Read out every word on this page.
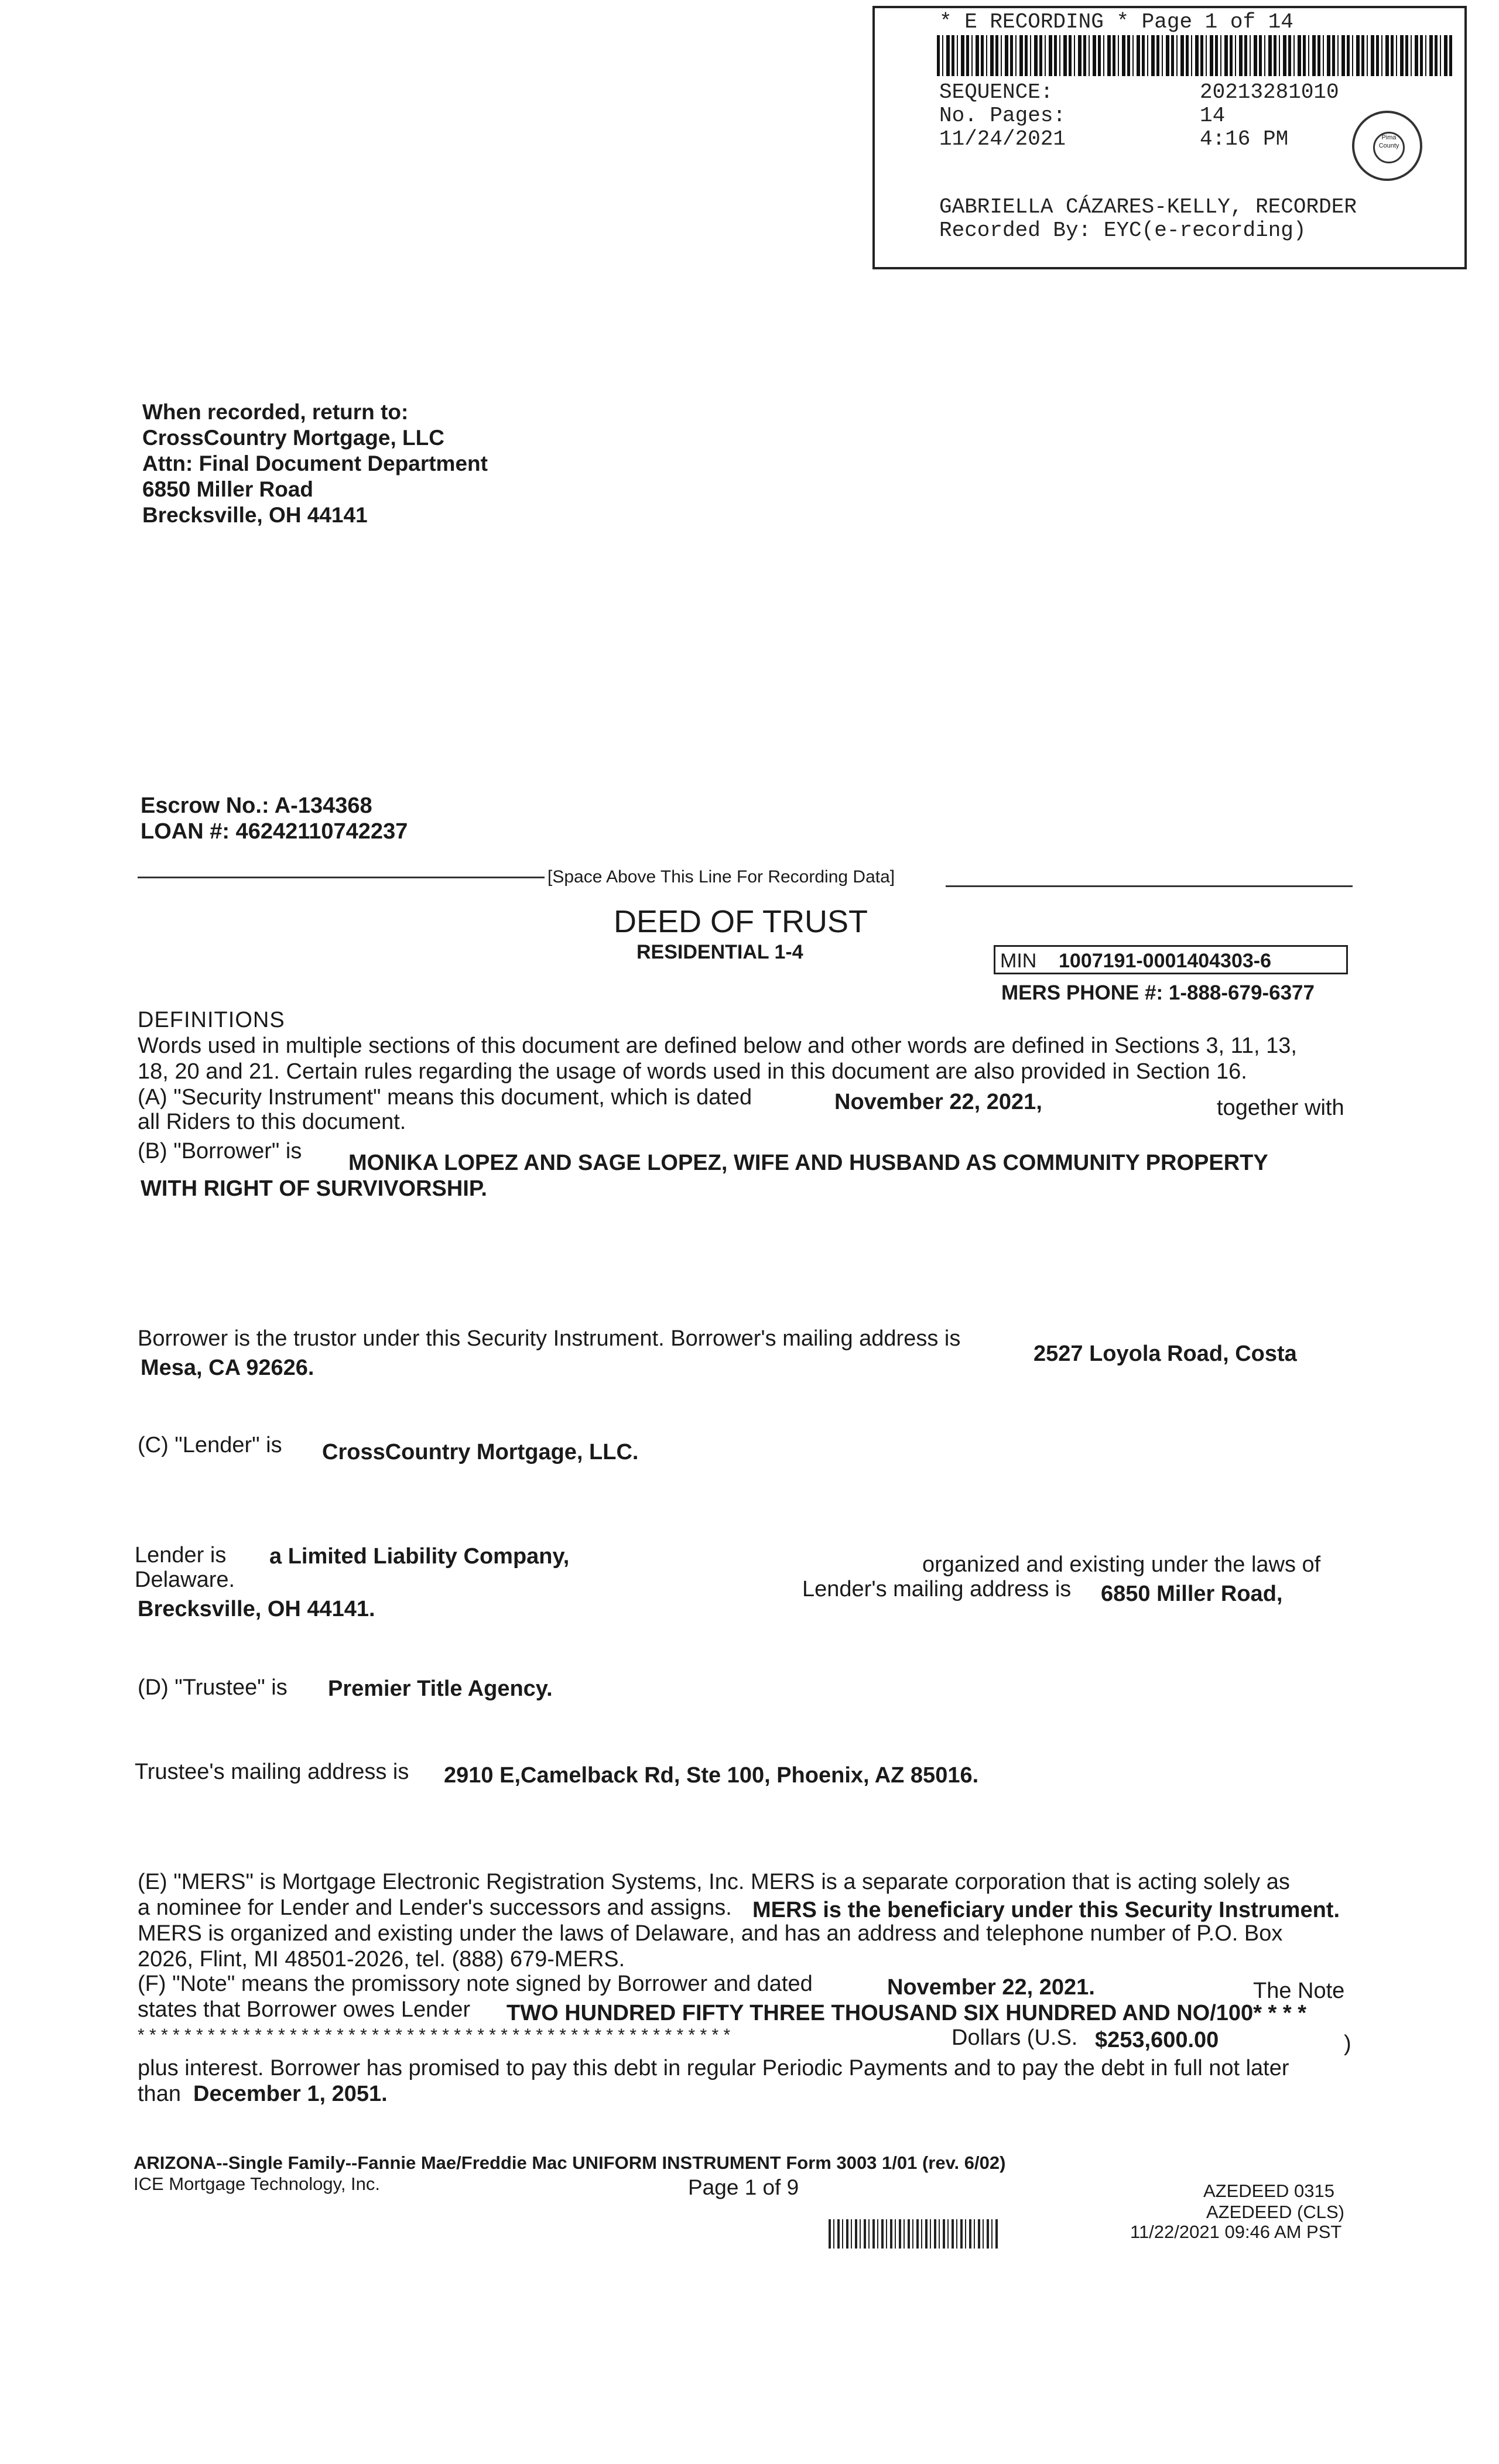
* E RECORDING * Page 1 of 14
SEQUENCE:	20213281010
No. Pages:	14
11/24/2021	4:16 PM	Pima County
GABRIELLA CÁZARES-KELLY, RECORDER
Recorded By: EYC(e-recording)
When recorded, return to:
CrossCountry Mortgage, LLC
Attn: Final Document Department
6850 Miller Road
Brecksville, OH 44141
Escrow No.: A-134368
LOAN #: 46242110742237
[Space Above This Line For Recording Data]
DEED OF TRUST
RESIDENTIAL 1-4	MIN 1007191-0001404303-6
MERS PHONE #: 1-888-679-6377
DEFINITIONS
Words used in multiple sections of this document are defined below and other words are defined in Sections 3, 11, 13,
18, 20 and 21. Certain rules regarding the usage of words used in this document are also provided in Section 16.
(A) "Security Instrument" means this document, which is dated	November 22, 2021,	together with
all Riders to this document.
(B) "Borrower" is MONIKA LOPEZ AND SAGE LOPEZ, WIFE AND HUSBAND AS COMMUNITY PROPERTY
WITH RIGHT OF SURVIVORSHIP.
Borrower is the trustor under this Security Instrument. Borrower's mailing address is
2527 Loyola Road, Costa
Mesa, CA 92626.
(C) "Lender" is CrossCountry Mortgage, LLC.
Lender is a Limited Liability Company,	organized and existing under the laws of
Delaware.	Lender's mailing address is 6850 Miller Road,
Brecksville, OH 44141.
(D) "Trustee" is Premier Title Agency.
Trustee's mailing address is 2910 E,Camelback Rd, Ste 100, Phoenix, AZ 85016.
(E) "MERS" is Mortgage Electronic Registration Systems, Inc. MERS is a separate corporation that is acting solely as
a nominee for Lender and Lender's successors and assigns. MERS is the beneficiary under this Security Instrument.
MERS is organized and existing under the laws of Delaware, and has an address and telephone number of P.O. Box
2026, Flint, MI 48501-2026, tel. (888) 679-MERS.
(F) "Note" means the promissory note signed by Borrower and dated	November 22, 2021.	The Note
states that Borrower owes Lender TWO HUNDRED FIFTY THREE THOUSAND SIX HUNDRED AND NO/100* * * *
* * * * * * * * * * * * * * * * * * * * * * * * * * * * * * * * * * * * * * * * * * * * * * * * * * *	Dollars (U.S. $253,600.00	)
plus interest. Borrower has promised to pay this debt in regular Periodic Payments and to pay the debt in full not later
than December 1, 2051.
ARIZONA--Single Family--Fannie Mae/Freddie Mac UNIFORM INSTRUMENT Form 3003 1/01 (rev. 6/02)
ICE Mortgage Technology, Inc.	Page 1 of 9	AZEDEED 0315
AZEDEED (CLS)
11/22/2021 09:46 AM PST
